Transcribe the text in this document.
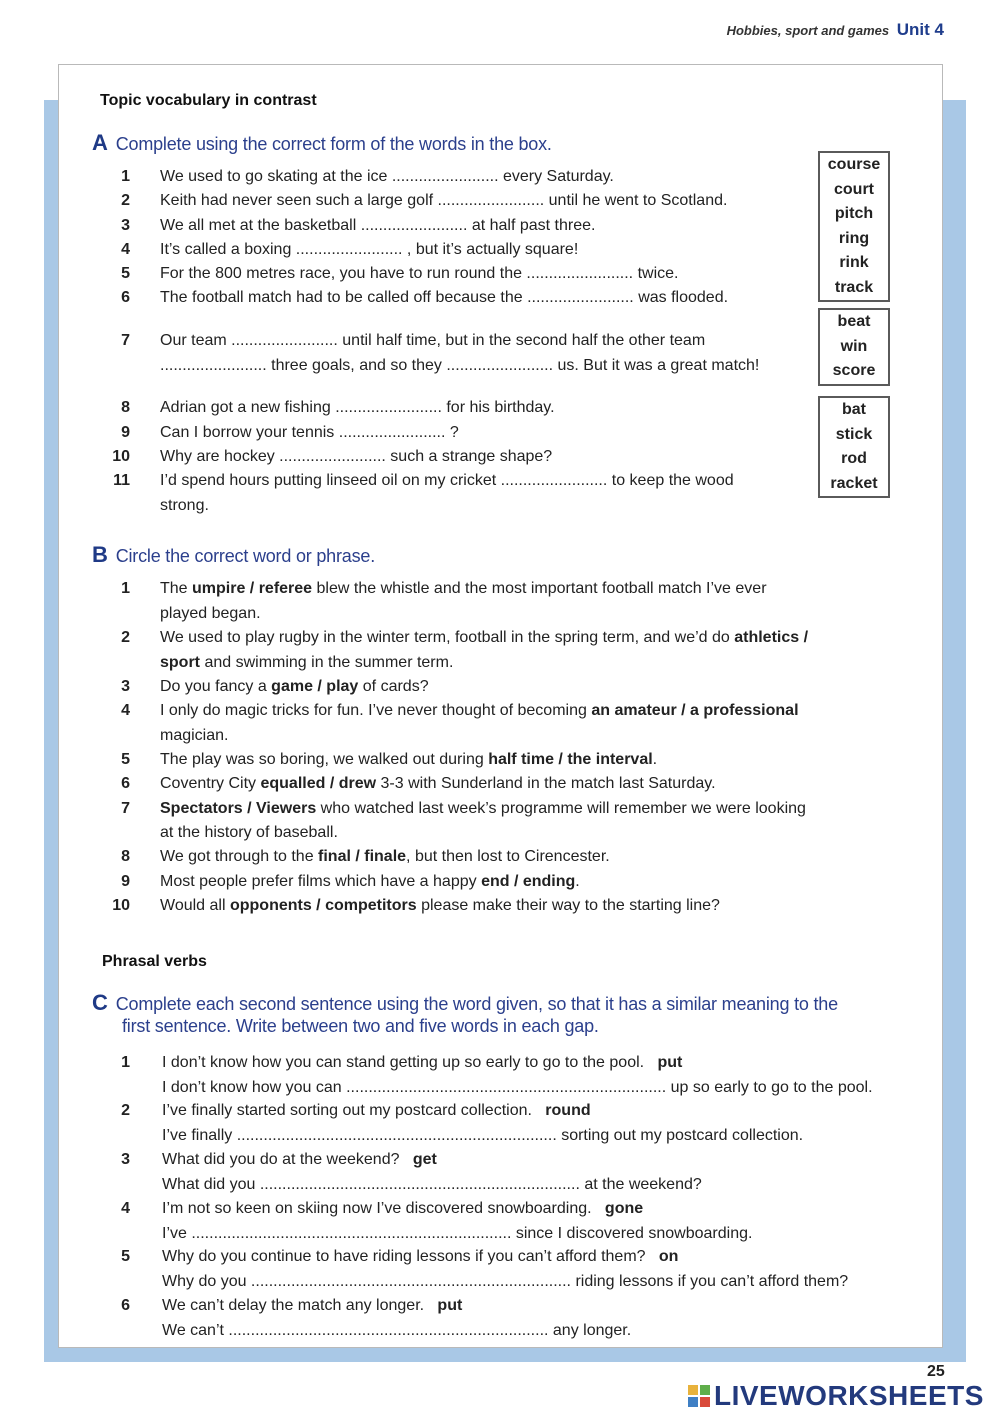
Hobbies, sport and games Unit 4
Topic vocabulary in contrast
A Complete using the correct form of the words in the box.
1 We used to go skating at the ice ........................ every Saturday.
2 Keith had never seen such a large golf ........................ until he went to Scotland.
3 We all met at the basketball ........................ at half past three.
4 It’s called a boxing ........................ , but it’s actually square!
5 For the 800 metres race, you have to run round the ........................ twice.
6 The football match had to be called off because the ........................ was flooded.
7 Our team ........................ until half time, but in the second half the other team
........................ three goals, and so they ........................ us. But it was a great match!
8 Adrian got a new fishing ........................ for his birthday.
9 Can I borrow your tennis ........................ ?
10 Why are hockey ........................ such a strange shape?
11 I’d spend hours putting linseed oil on my cricket ........................ to keep the wood
strong.
course
court
pitch
ring
rink
track
beat
win
score
bat
stick
rod
racket
B Circle the correct word or phrase.
1 The umpire / referee blew the whistle and the most important football match I’ve ever
played began.
2 We used to play rugby in the winter term, football in the spring term, and we’d do athletics /
sport and swimming in the summer term.
3 Do you fancy a game / play of cards?
4 I only do magic tricks for fun. I’ve never thought of becoming an amateur / a professional
magician.
5 The play was so boring, we walked out during half time / the interval.
6 Coventry City equalled / drew 3-3 with Sunderland in the match last Saturday.
7 Spectators / Viewers who watched last week’s programme will remember we were looking
at the history of baseball.
8 We got through to the final / finale, but then lost to Cirencester.
9 Most people prefer films which have a happy end / ending.
10 Would all opponents / competitors please make their way to the starting line?
Phrasal verbs
C Complete each second sentence using the word given, so that it has a similar meaning to the
first sentence. Write between two and five words in each gap.
1 I don’t know how you can stand getting up so early to go to the pool. put
I don’t know how you can ........................................................................ up so early to go to the pool.
2 I’ve finally started sorting out my postcard collection. round
I’ve finally ........................................................................ sorting out my postcard collection.
3 What did you do at the weekend? get
What did you ........................................................................ at the weekend?
4 I’m not so keen on skiing now I’ve discovered snowboarding. gone
I’ve ........................................................................ since I discovered snowboarding.
5 Why do you continue to have riding lessons if you can’t afford them? on
Why do you ........................................................................ riding lessons if you can’t afford them?
6 We can’t delay the match any longer. put
We can’t ........................................................................ any longer.
25
LIVEWORKSHEETS
